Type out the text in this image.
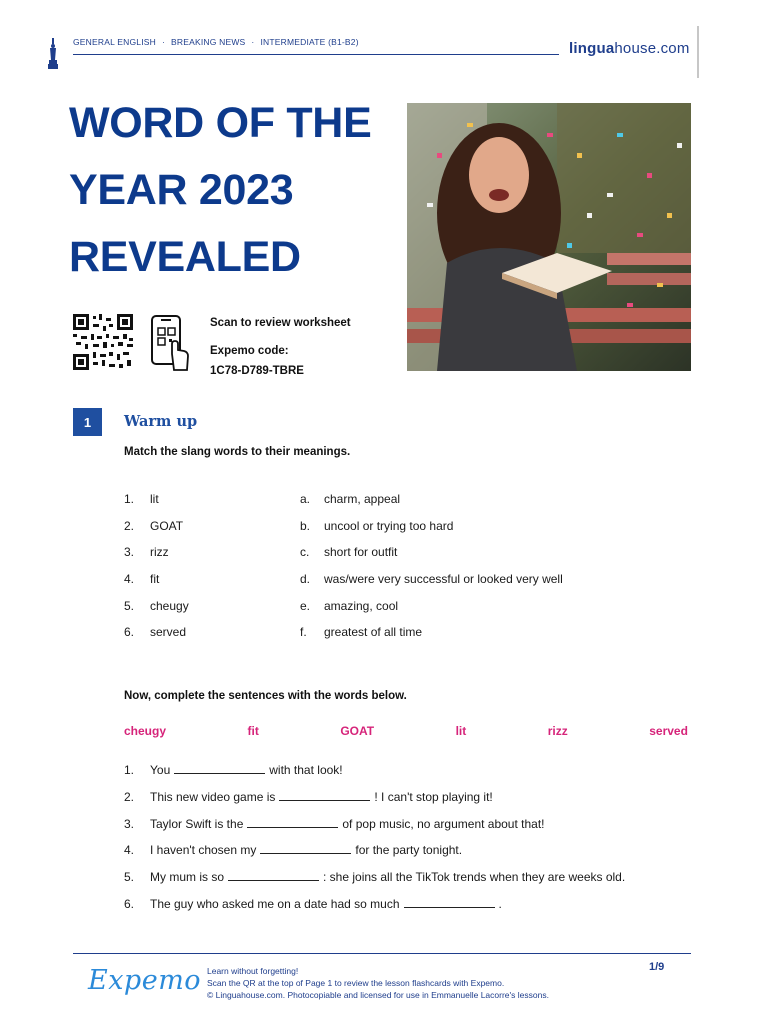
GENERAL ENGLISH · BREAKING NEWS · INTERMEDIATE (B1-B2)	linguahouse.com
WORD OF THE YEAR 2023 REVEALED
Scan to review worksheet
Expemo code:
1C78-D789-TBRE
1	Warm up
Match the slang words to their meanings.
1.	lit	a.	charm, appeal
2.	GOAT	b.	uncool or trying too hard
3.	rizz	c.	short for outfit
4.	fit	d.	was/were very successful or looked very well
5.	cheugy	e.	amazing, cool
6.	served	f.	greatest of all time
Now, complete the sentences with the words below.
cheugy	fit	GOAT	lit	rizz	served
1.	You	with that look!
2.	This new video game is	! I can't stop playing it!
3.	Taylor Swift is the	of pop music, no argument about that!
4.	I haven't chosen my	for the party tonight.
5.	My mum is so	: she joins all the TikTok trends when they are weeks old.
6.	The guy who asked me on a date had so much	.
Expemo Learn without forgetting!
Scan the QR at the top of Page 1 to review the lesson flashcards with Expemo.
© Linguahouse.com. Photocopiable and licensed for use in Emmanuelle Lacorre's lessons.
1/9
